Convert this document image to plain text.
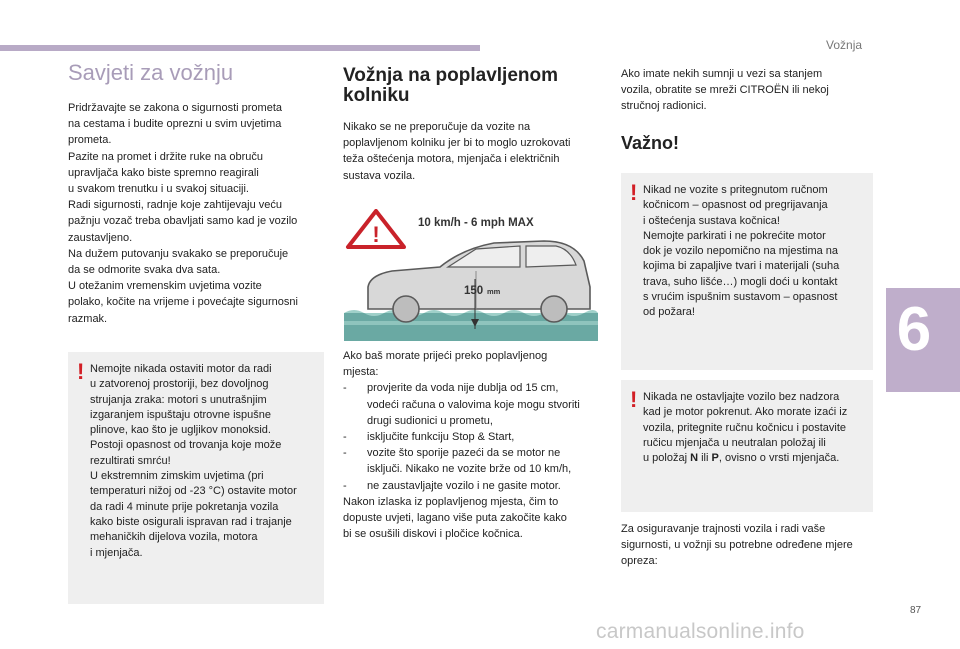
Vožnja
6
87
carmanualsonline.info
Savjeti za vožnju

Pridržavajte se zakona o sigurnosti prometa
na cestama i budite oprezni u svim uvjetima
prometa.
Pazite na promet i držite ruke na obruču
upravljača kako biste spremno reagirali
u svakom trenutku i u svakoj situaciji.
Radi sigurnosti, radnje koje zahtijevaju veću
pažnju vozač treba obavljati samo kad je vozilo
zaustavljeno.
Na dužem putovanju svakako se preporučuje
da se odmorite svaka dva sata.
U otežanim vremenskim uvjetima vozite
polako, kočite na vrijeme i povećajte sigurnosni
razmak.

! Nemojte nikada ostaviti motor da radi
u zatvorenoj prostoriji, bez dovoljnog
strujanja zraka: motori s unutrašnjim
izgaranjem ispuštaju otrovne ispušne
plinove, kao što je ugljikov monoksid.
Postoji opasnost od trovanja koje može
rezultirati smrću!
U ekstremnim zimskim uvjetima (pri
temperaturi nižoj od -23 °C) ostavite motor
da radi 4 minute prije pokretanja vozila
kako biste osigurali ispravan rad i trajanje
mehaničkih dijelova vozila, motora
i mjenjača.

Vožnja na poplavljenom
kolniku

Nikako se ne preporučuje da vozite na
poplavljenom kolniku jer bi to moglo uzrokovati
teža oštećenja motora, mjenjača i električnih
sustava vozila.

!	10 km/h - 6 mph MAX
150 mm

Ako baš morate prijeći preko poplavljenog
mjesta:

- provjerite da voda nije dublja od 15 cm,
vodeći računa o valovima koje mogu stvoriti
drugi sudionici u prometu,
- isključite funkciju Stop & Start,
- vozite što sporije pazeći da se motor ne
isključi. Nikako ne vozite brže od 10 km/h,
- ne zaustavljajte vozilo i ne gasite motor.

Nakon izlaska iz poplavljenog mjesta, čim to
dopuste uvjeti, lagano više puta zakočite kako
bi se osušili diskovi i pločice kočnica.

Ako imate nekih sumnji u vezi sa stanjem
vozila, obratite se mreži CITROËN ili nekoj
stručnoj radionici.

Važno!
! Nikad ne vozite s pritegnutom ručnom
kočnicom – opasnost od pregrijavanja
i oštećenja sustava kočnica!
Nemojte parkirati i ne pokrećite motor
dok je vozilo nepomično na mjestima na
kojima bi zapaljive tvari i materijali (suha
trava, suho lišće…) mogli doći u kontakt
s vrućim ispušnim sustavom – opasnost
od požara!

! Nikada ne ostavljajte vozilo bez nadzora
kad je motor pokrenut. Ako morate izaći iz
vozila, pritegnite ručnu kočnicu i postavite
ručicu mjenjača u neutralan položaj ili
u položaj N ili P, ovisno o vrsti mjenjača.

Za osiguravanje trajnosti vozila i radi vaše
sigurnosti, u vožnji su potrebne određene mjere
opreza:
